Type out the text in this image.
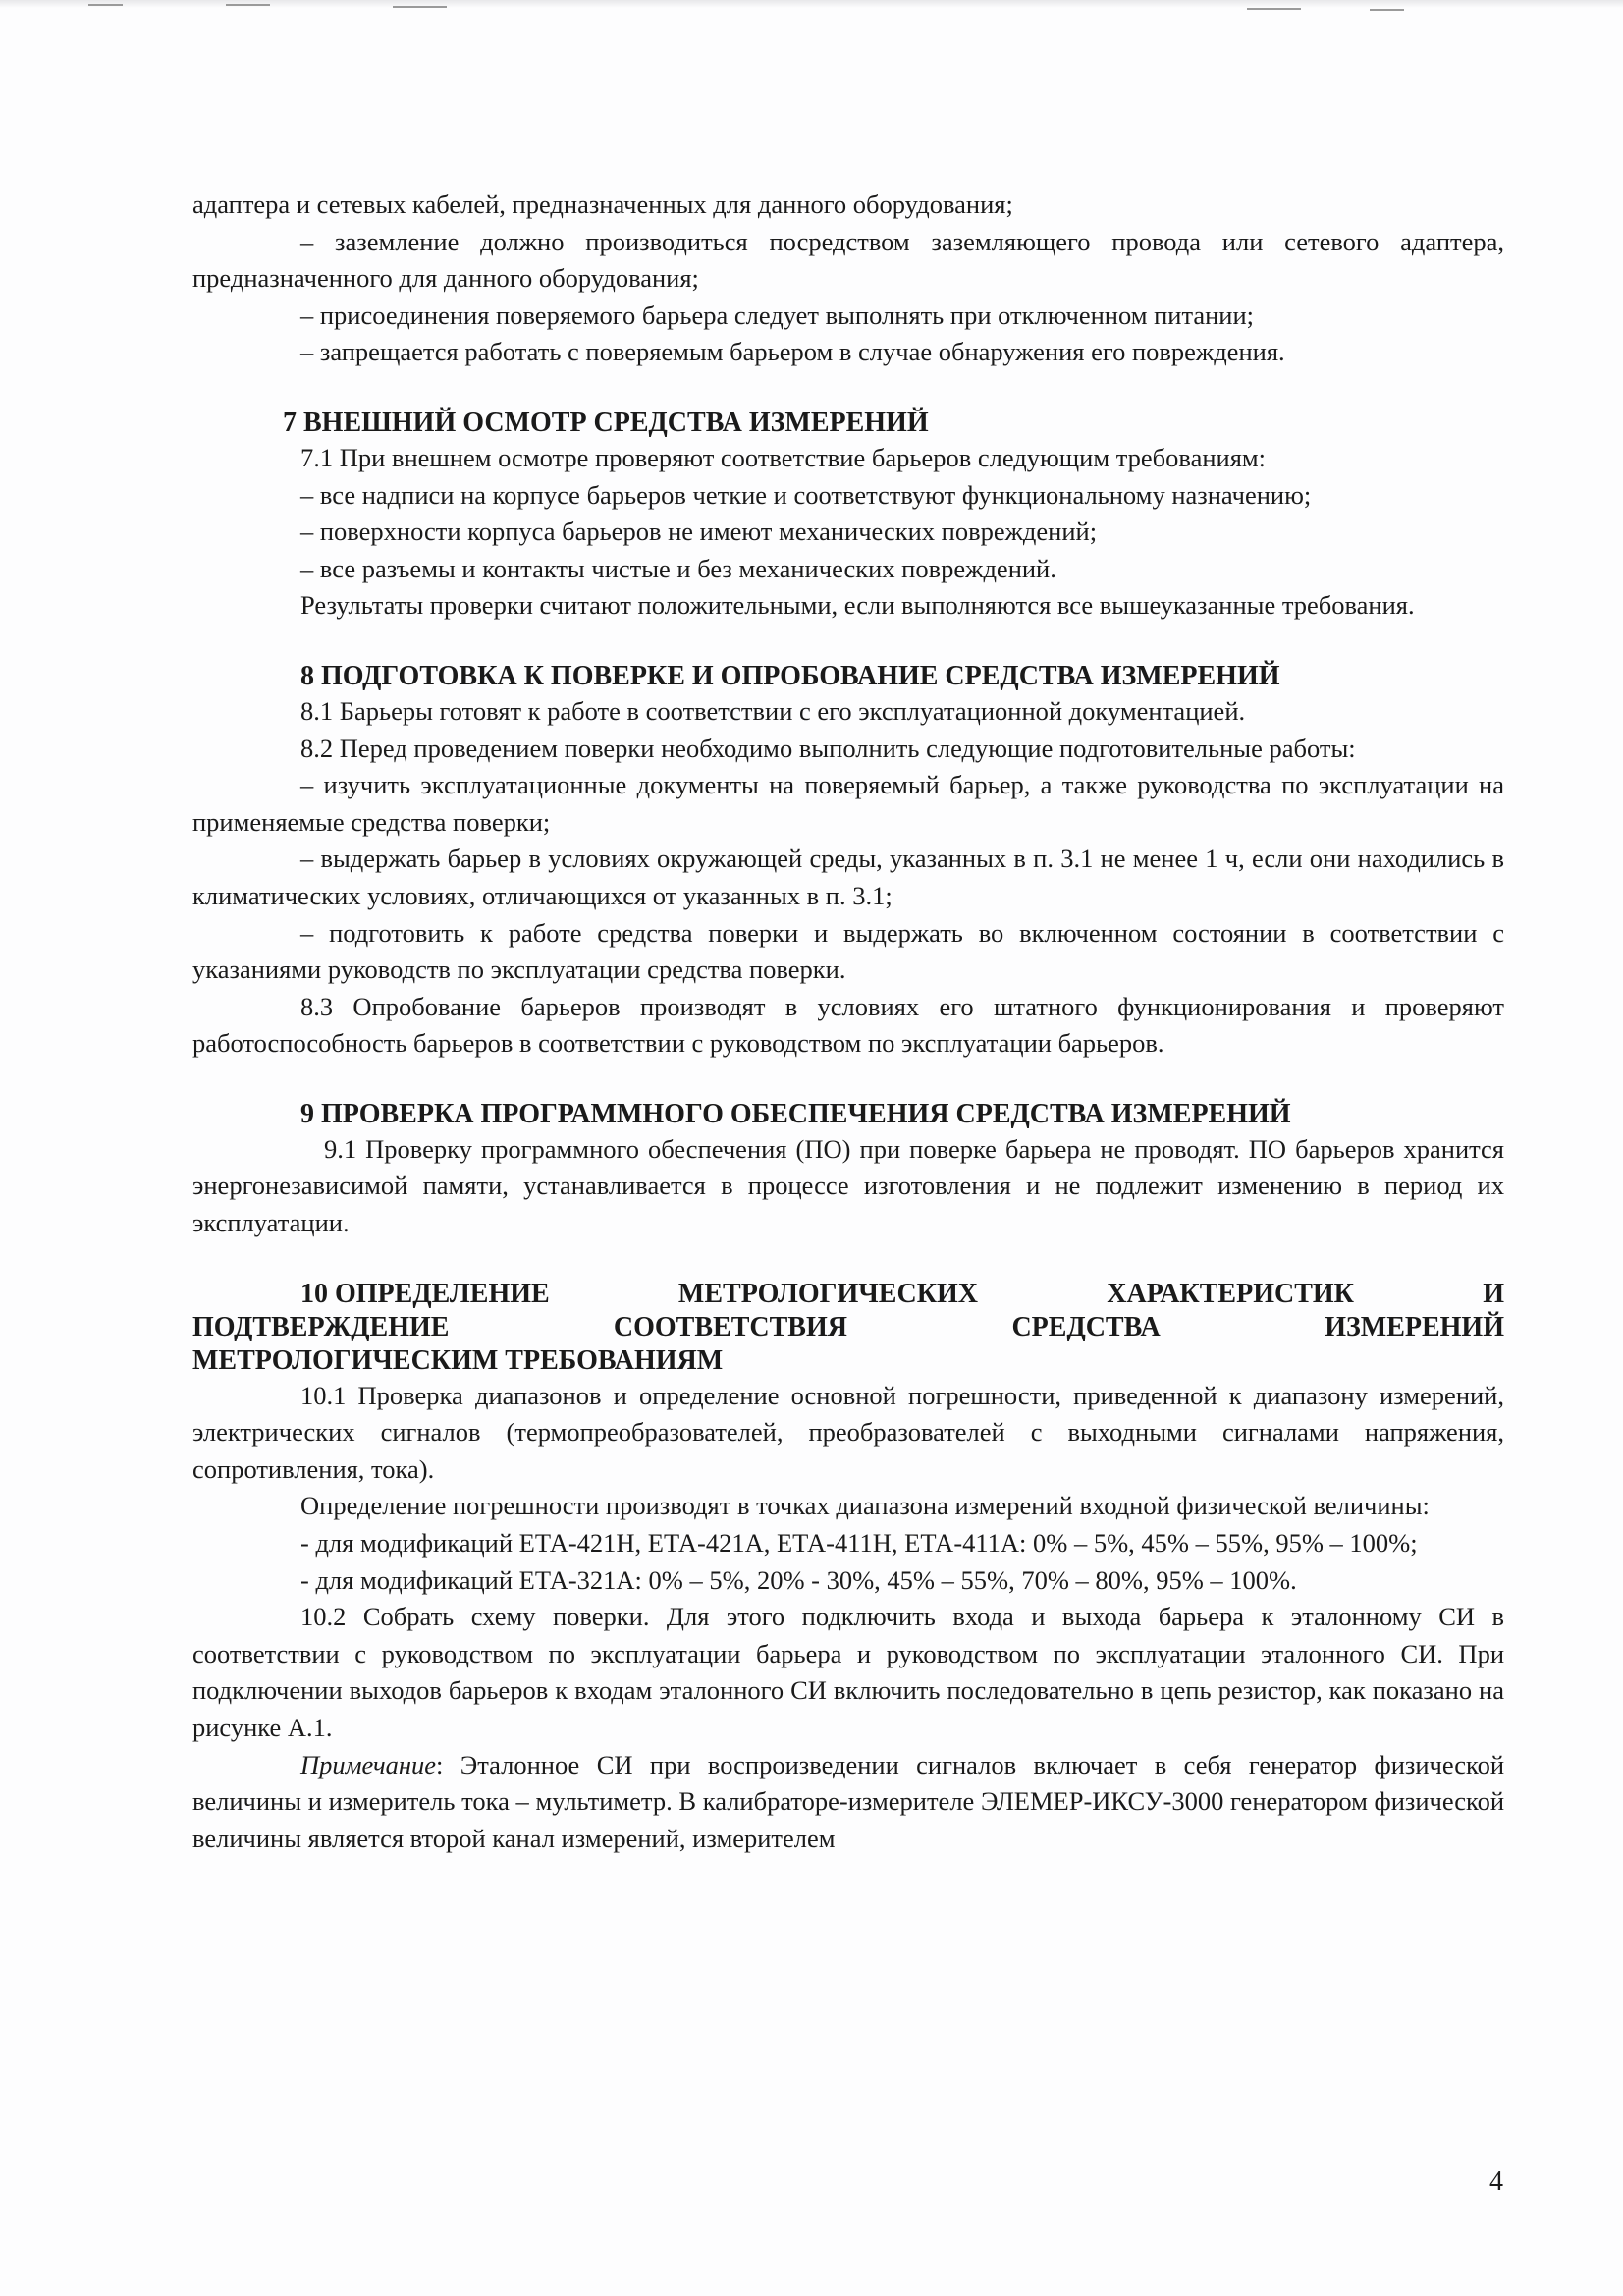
адаптера и сетевых кабелей, предназначенных для данного оборудования;

– заземление должно производиться посредством заземляющего провода или сетевого адаптера, предназначенного для данного оборудования;

– присоединения поверяемого барьера следует выполнять при отключенном питании;

– запрещается работать с поверяемым барьером в случае обнаружения его повреждения.

7 ВНЕШНИЙ ОСМОТР СРЕДСТВА ИЗМЕРЕНИЙ

7.1 При внешнем осмотре проверяют соответствие барьеров следующим требованиям:

– все надписи на корпусе барьеров четкие и соответствуют функциональному назначению;

– поверхности корпуса барьеров не имеют механических повреждений;

– все разъемы и контакты чистые и без механических повреждений.

Результаты проверки считают положительными, если выполняются все вышеуказанные требования.

8 ПОДГОТОВКА К ПОВЕРКЕ И ОПРОБОВАНИЕ СРЕДСТВА ИЗМЕРЕНИЙ

8.1 Барьеры готовят к работе в соответствии с его эксплуатационной документацией.

8.2 Перед проведением поверки необходимо выполнить следующие подготовительные работы:

– изучить эксплуатационные документы на поверяемый барьер, а также руководства по эксплуатации на применяемые средства поверки;

– выдержать барьер в условиях окружающей среды, указанных в п. 3.1 не менее 1 ч, если они находились в климатических условиях, отличающихся от указанных в п. 3.1;

– подготовить к работе средства поверки и выдержать во включенном состоянии в соответствии с указаниями руководств по эксплуатации средства поверки.

8.3 Опробование барьеров производят в условиях его штатного функционирования и проверяют работоспособность барьеров в соответствии с руководством по эксплуатации барьеров.

9 ПРОВЕРКА ПРОГРАММНОГО ОБЕСПЕЧЕНИЯ СРЕДСТВА ИЗМЕРЕНИЙ

9.1 Проверку программного обеспечения (ПО) при поверке барьера не проводят. ПО барьеров хранится энергонезависимой памяти, устанавливается в процессе изготовления и не подлежит изменению в период их эксплуатации.

10 ОПРЕДЕЛЕНИЕ	МЕТРОЛОГИЧЕСКИХ	ХАРАКТЕРИСТИК	И
ПОДТВЕРЖДЕНИЕ	СООТВЕТСТВИЯ	СРЕДСТВА	ИЗМЕРЕНИЙ
МЕТРОЛОГИЧЕСКИМ ТРЕБОВАНИЯМ

10.1 Проверка диапазонов и определение основной погрешности, приведенной к диапазону измерений, электрических сигналов (термопреобразователей, преобразователей с выходными сигналами напряжения, сопротивления, тока).

Определение погрешности производят в точках диапазона измерений входной физической величины:

- для модификаций ЕТА-421Н, ЕТА-421А, ЕТА-411Н, ЕТА-411А: 0% – 5%, 45% – 55%, 95% – 100%;

- для модификаций ЕТА-321А: 0% – 5%, 20% - 30%, 45% – 55%, 70% – 80%, 95% – 100%.

10.2 Собрать схему поверки. Для этого подключить входа и выхода барьера к эталонному СИ в соответствии с руководством по эксплуатации барьера и руководством по эксплуатации эталонного СИ. При подключении выходов барьеров к входам эталонного СИ включить последовательно в цепь резистор, как показано на рисунке А.1.

Примечание: Эталонное СИ при воспроизведении сигналов включает в себя генератор физической величины и измеритель тока – мультиметр. В калибраторе-измерителе ЭЛЕМЕР-ИКСУ-3000 генератором физической величины является второй канал измерений, измерителем

4
